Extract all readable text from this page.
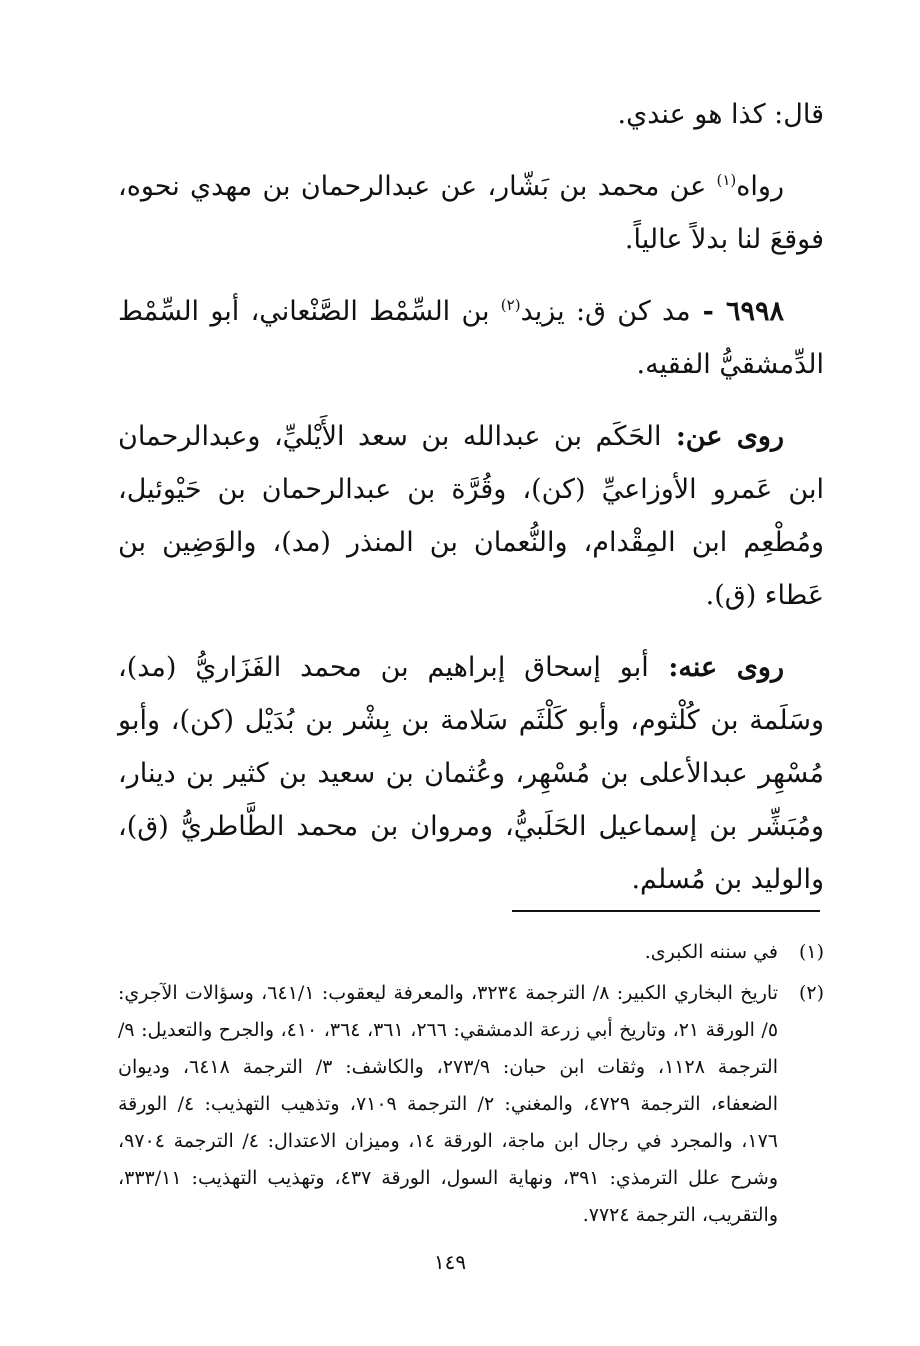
قال: كذا هو عندي.

رواه$^{(١)}$ عن محمد بن بَشّار، عن عبدالرحمان بن مهدي نحوه، فوقعَ لنا بدلاً عالياً.

٦٩٩٨ - مد كن ق: يزيد$^{(٢)}$ بن السِّمْط الصَّنْعاني، أبو السِّمْط الدِّمشقيُّ الفقيه.

روى عن: الحَكَم بن عبدالله بن سعد الأَيْليِّ، وعبدالرحمان ابن عَمرو الأوزاعيِّ (كن)، وقُرَّة بن عبدالرحمان بن حَيْوئيل، ومُطْعِم ابن المِقْدام، والنُّعمان بن المنذر (مد)، والوَضِين بن عَطاء (ق).

روى عنه: أبو إسحاق إبراهيم بن محمد الفَزَاريُّ (مد)، وسَلَمة بن كُلْثوم، وأبو كَلْثَم سَلامة بن بِشْر بن بُدَيْل (كن)، وأبو مُسْهِر عبدالأعلى بن مُسْهِر، وعُثمان بن سعيد بن كثير بن دينار، ومُبَشِّر بن إسماعيل الحَلَبيُّ، ومروان بن محمد الطَّاطريُّ (ق)، والوليد بن مُسلم.

(١)
في سننه الكبرى.
(٢)
تاريخ البخاري الكبير: ٨/ الترجمة ٣٢٣٤، والمعرفة ليعقوب: ٦٤١/١، وسؤالات الآجري: ٥/ الورقة ٢١، وتاريخ أبي زرعة الدمشقي: ٢٦٦، ٣٦١، ٣٦٤، ٤١٠، والجرح والتعديل: ٩/ الترجمة ١١٢٨، وثقات ابن حبان: ٢٧٣/٩، والكاشف: ٣/ الترجمة ٦٤١٨، وديوان الضعفاء، الترجمة ٤٧٢٩، والمغني: ٢/ الترجمة ٧١٠٩، وتذهيب التهذيب: ٤/ الورقة ١٧٦، والمجرد في رجال ابن ماجة، الورقة ١٤، وميزان الاعتدال: ٤/ الترجمة ٩٧٠٤، وشرح علل الترمذي: ٣٩١، ونهاية السول، الورقة ٤٣٧، وتهذيب التهذيب: ٣٣٣/١١، والتقريب، الترجمة ٧٧٢٤.
١٤٩
